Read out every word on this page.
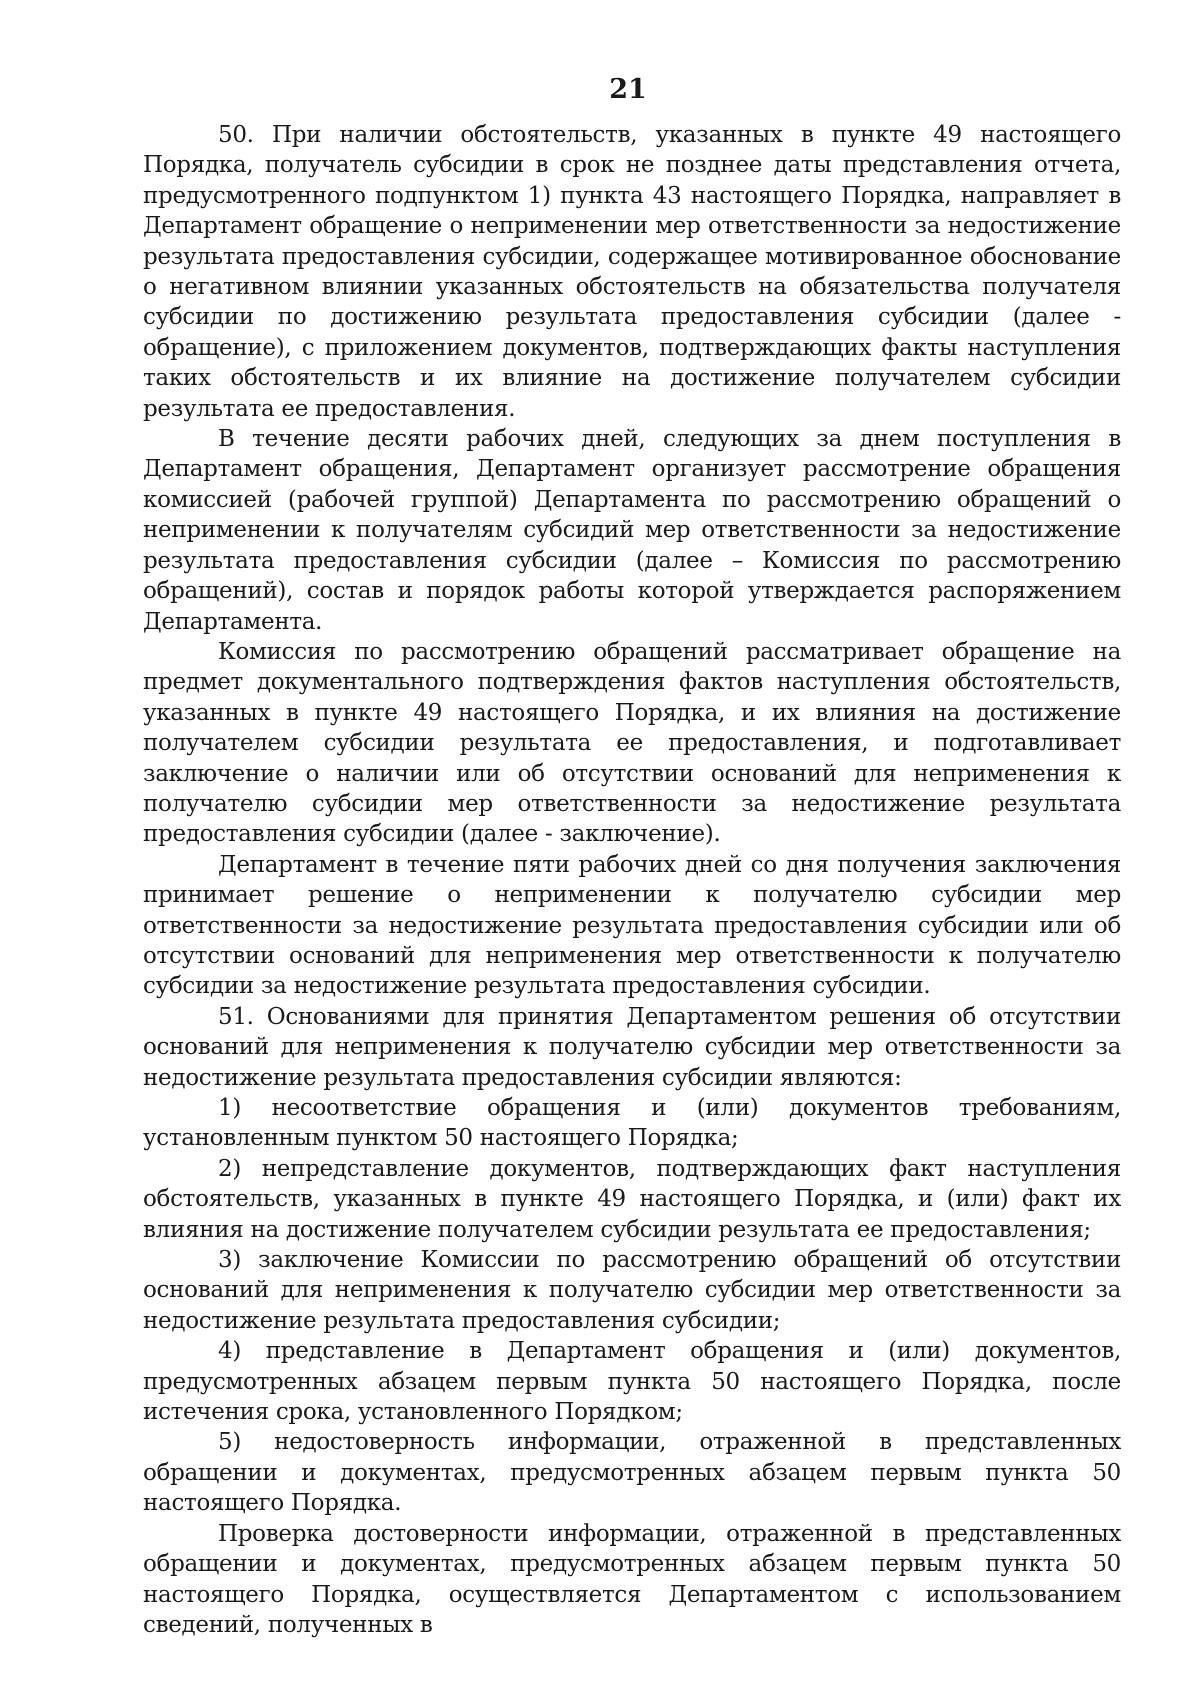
21

50. При наличии обстоятельств, указанных в пункте 49 настоящего Порядка, получатель субсидии в срок не позднее даты представления отчета, предусмотренного подпунктом 1) пункта 43 настоящего Порядка, направляет в Департамент обращение о неприменении мер ответственности за недостижение результата предоставления субсидии, содержащее мотивированное обоснование о негативном влиянии указанных обстоятельств на обязательства получателя субсидии по достижению результата предоставления субсидии (далее - обращение), с приложением документов, подтверждающих факты наступления таких обстоятельств и их влияние на достижение получателем субсидии результата ее предоставления.

В течение десяти рабочих дней, следующих за днем поступления в Департамент обращения, Департамент организует рассмотрение обращения комиссией (рабочей группой) Департамента по рассмотрению обращений о неприменении к получателям субсидий мер ответственности за недостижение результата предоставления субсидии (далее – Комиссия по рассмотрению обращений), состав и порядок работы которой утверждается распоряжением Департамента.

Комиссия по рассмотрению обращений рассматривает обращение на предмет документального подтверждения фактов наступления обстоятельств, указанных в пункте 49 настоящего Порядка, и их влияния на достижение получателем субсидии результата ее предоставления, и подготавливает заключение о наличии или об отсутствии оснований для неприменения к получателю субсидии мер ответственности за недостижение результата предоставления субсидии (далее - заключение).

Департамент в течение пяти рабочих дней со дня получения заключения принимает решение о неприменении к получателю субсидии мер ответственности за недостижение результата предоставления субсидии или об отсутствии оснований для неприменения мер ответственности к получателю субсидии за недостижение результата предоставления субсидии.

51. Основаниями для принятия Департаментом решения об отсутствии оснований для неприменения к получателю субсидии мер ответственности за недостижение результата предоставления субсидии являются:

1) несоответствие обращения и (или) документов требованиям, установленным пунктом 50 настоящего Порядка;

2) непредставление документов, подтверждающих факт наступления обстоятельств, указанных в пункте 49 настоящего Порядка, и (или) факт их влияния на достижение получателем субсидии результата ее предоставления;

3) заключение Комиссии по рассмотрению обращений об отсутствии оснований для неприменения к получателю субсидии мер ответственности за недостижение результата предоставления субсидии;

4) представление в Департамент обращения и (или) документов, предусмотренных абзацем первым пункта 50 настоящего Порядка, после истечения срока, установленного Порядком;

5) недостоверность информации, отраженной в представленных обращении и документах, предусмотренных абзацем первым пункта 50 настоящего Порядка.

Проверка достоверности информации, отраженной в представленных обращении и документах, предусмотренных абзацем первым пункта 50 настоящего Порядка, осуществляется Департаментом с использованием сведений, полученных в
